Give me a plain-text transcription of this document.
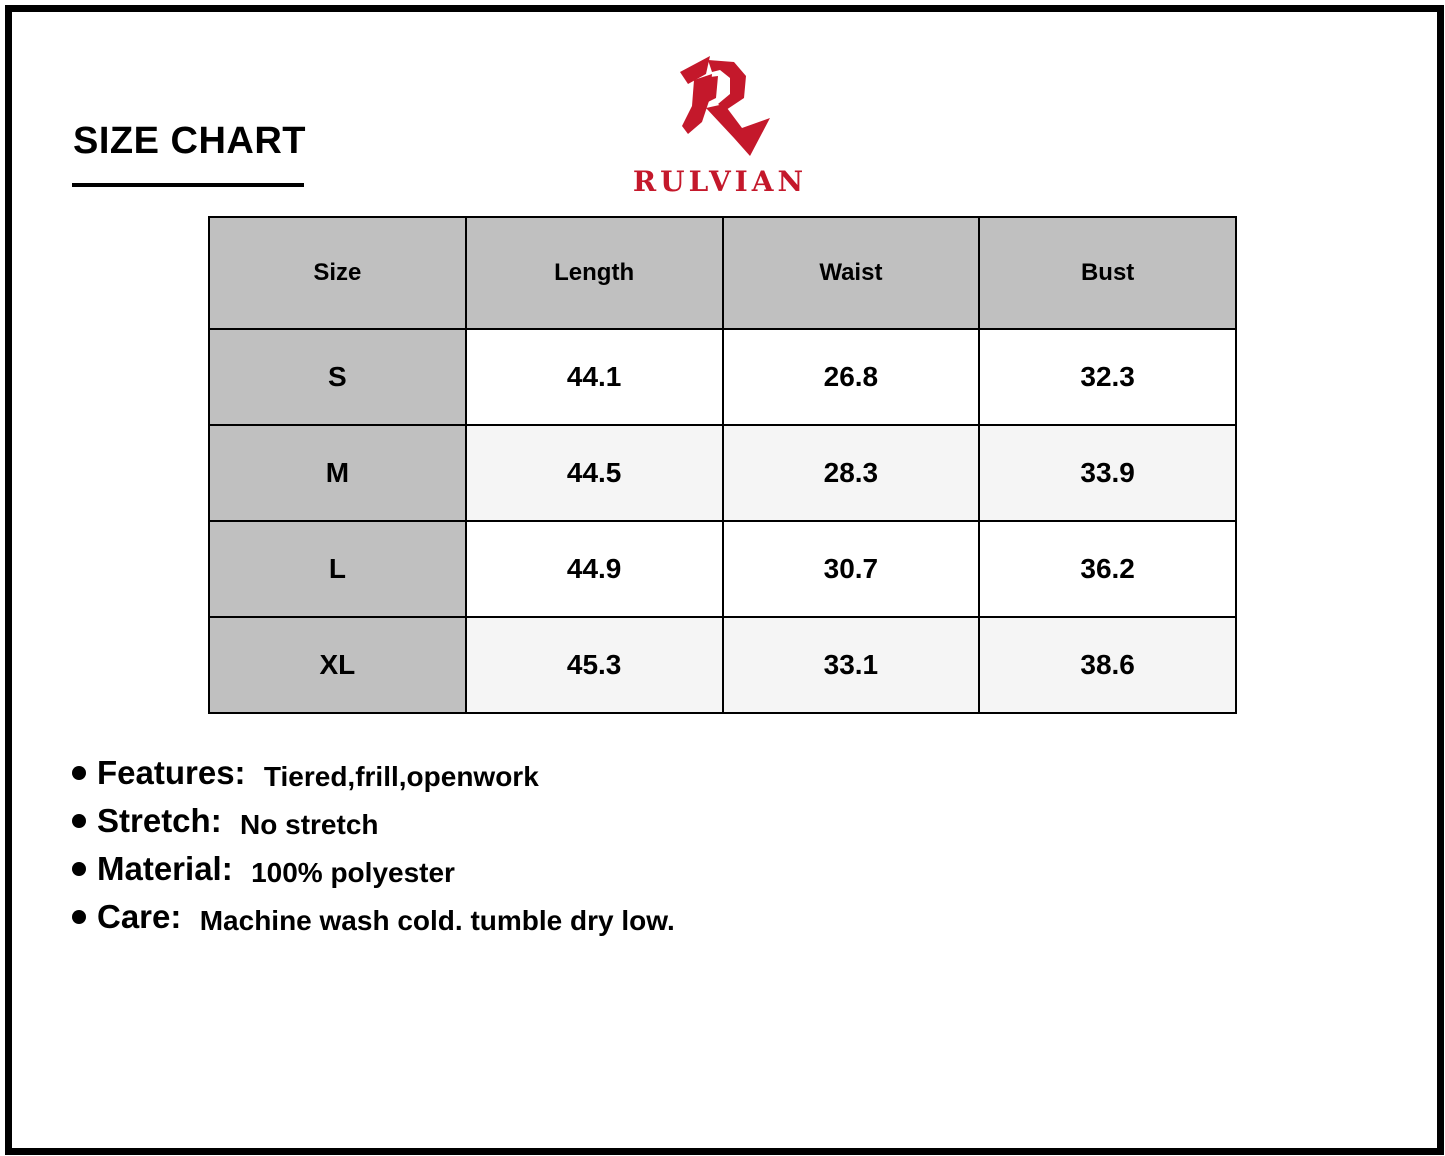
SIZE CHART
RULVIAN
Size	Length	Waist	Bust
S	44.1	26.8	32.3
M	44.5	28.3	33.9
L	44.9	30.7	36.2
XL	45.3	33.1	38.6
Features: Tiered,frill,openwork
Stretch: No stretch
Material: 100% polyester
Care: Machine wash cold. tumble dry low.
